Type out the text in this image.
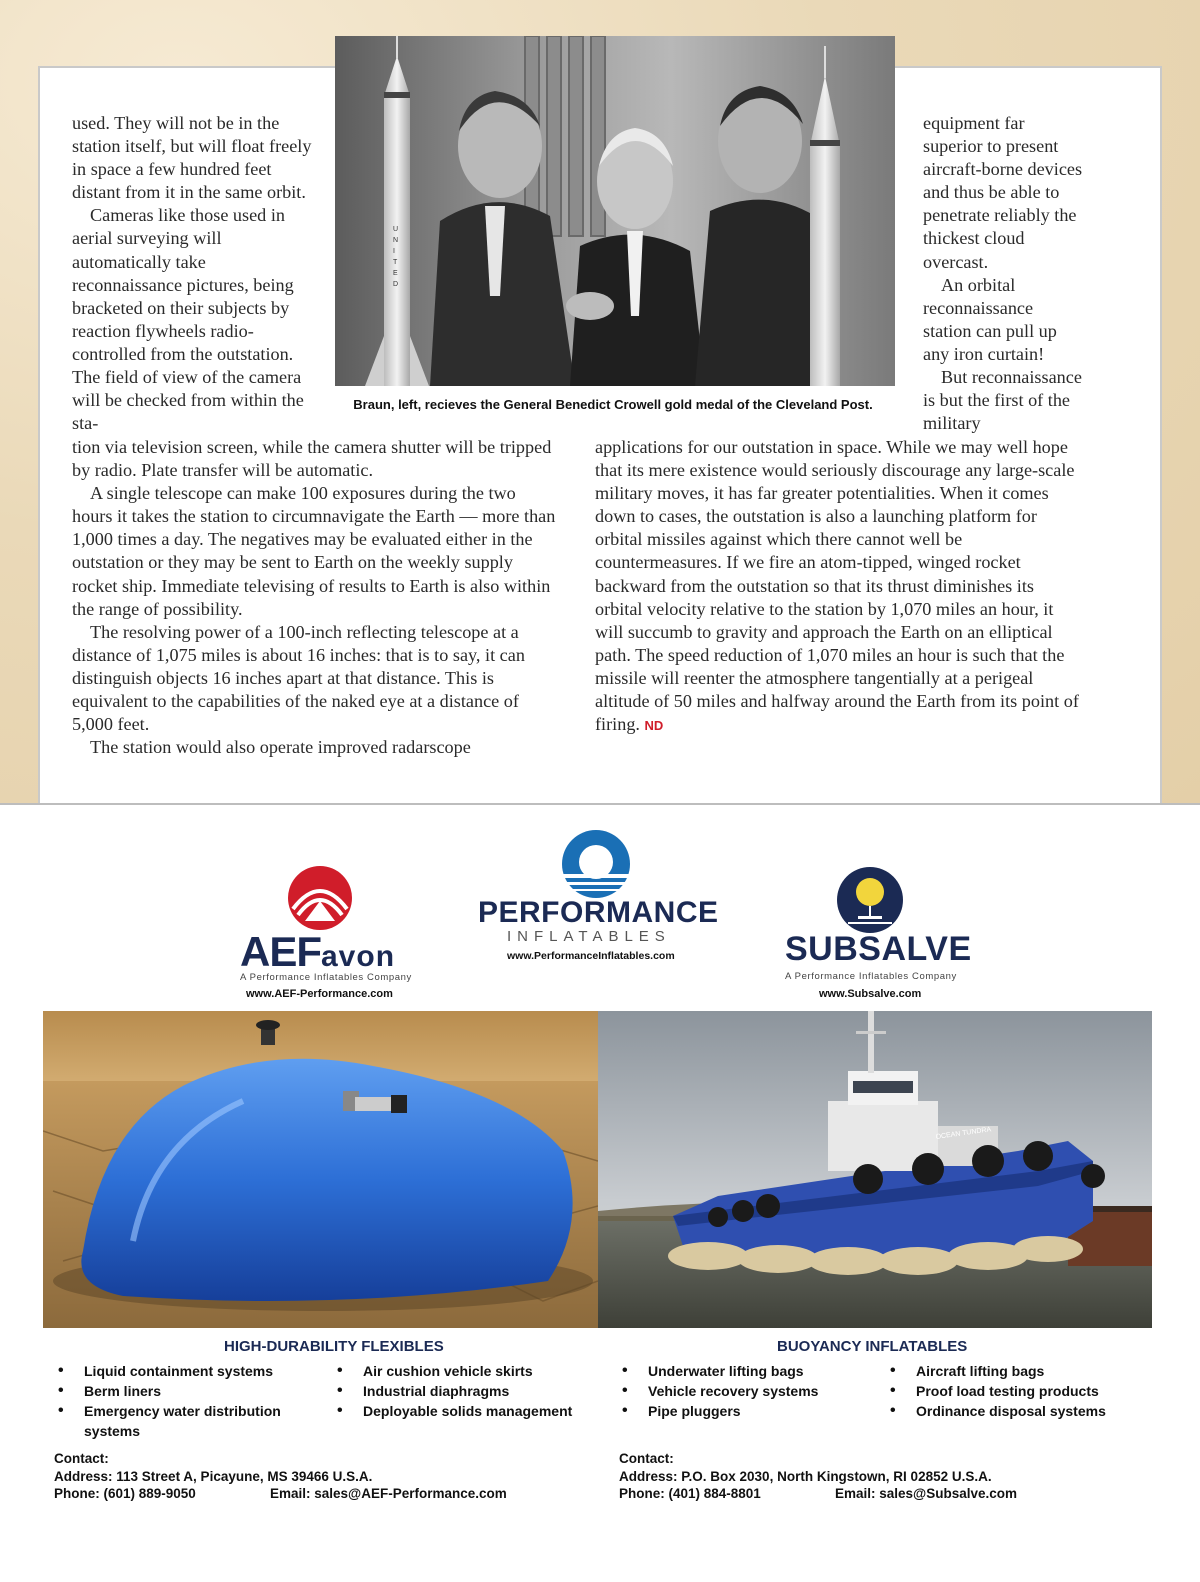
used. They will not be in the station itself, but will float freely in space a few hundred feet distant from it in the same orbit.

Cameras like those used in aerial surveying will automatically take reconnaissance pictures, being bracketed on their subjects by reaction flywheels radio-controlled from the outstation. The field of view of the camera will be checked from within the sta-

equipment far superior to present aircraft-borne devices and thus be able to penetrate reliably the thickest cloud overcast.

An orbital reconnaissance station can pull up any iron curtain!

But reconnaissance is but the first of the military

tion via television screen, while the camera shutter will be tripped by radio. Plate transfer will be automatic.

A single telescope can make 100 exposures during the two hours it takes the station to circumnavigate the Earth — more than 1,000 times a day. The negatives may be evaluated either in the outstation or they may be sent to Earth on the weekly supply rocket ship. Immediate televising of results to Earth is also within the range of possibility.

The resolving power of a 100-inch reflecting telescope at a distance of 1,075 miles is about 16 inches: that is to say, it can distinguish objects 16 inches apart at that distance. This is equivalent to the capabilities of the naked eye at a distance of 5,000 feet.

The station would also operate improved radarscope

applications for our outstation in space. While we may well hope that its mere existence would seriously discourage any large-scale military moves, it has far greater potentialities. When it comes down to cases, the outstation is also a launching platform for orbital missiles against which there cannot well be countermeasures. If we fire an atom-tipped, winged rocket backward from the outstation so that its thrust diminishes its orbital velocity relative to the station by 1,070 miles an hour, it will succumb to gravity and approach the Earth on an elliptical path. The speed reduction of 1,070 miles an hour is such that the missile will reenter the atmosphere tangentially at a perigeal altitude of 50 miles and halfway around the Earth from its point of firing. ND

U N I T E D
Braun, left, recieves the General Benedict Crowell gold medal of the Cleveland Post.
AEFavon
A Performance Inflatables Company
www.AEF-Performance.com
PERFORMANCE
INFLATABLES
www.PerformanceInflatables.com	SUBSALVE
A Performance Inflatables Company
www.Subsalve.com
OCEAN TUNDRA
HIGH-DURABILITY FLEXIBLES
• Liquid containment systems
• Berm liners
• Emergency water distribution systems
• Air cushion vehicle skirts
• Industrial diaphragms
• Deployable solids management
Contact:
Address: 113 Street A, Picayune, MS 39466 U.S.A.
Phone: (601) 889-9050	Email: sales@AEF-Performance.com
BUOYANCY INFLATABLES
• Underwater lifting bags
• Vehicle recovery systems
• Pipe pluggers
• Aircraft lifting bags
• Proof load testing products
• Ordinance disposal systems
Contact:
Address: P.O. Box 2030, North Kingstown, RI 02852 U.S.A.
Phone: (401) 884-8801	Email: sales@Subsalve.com
